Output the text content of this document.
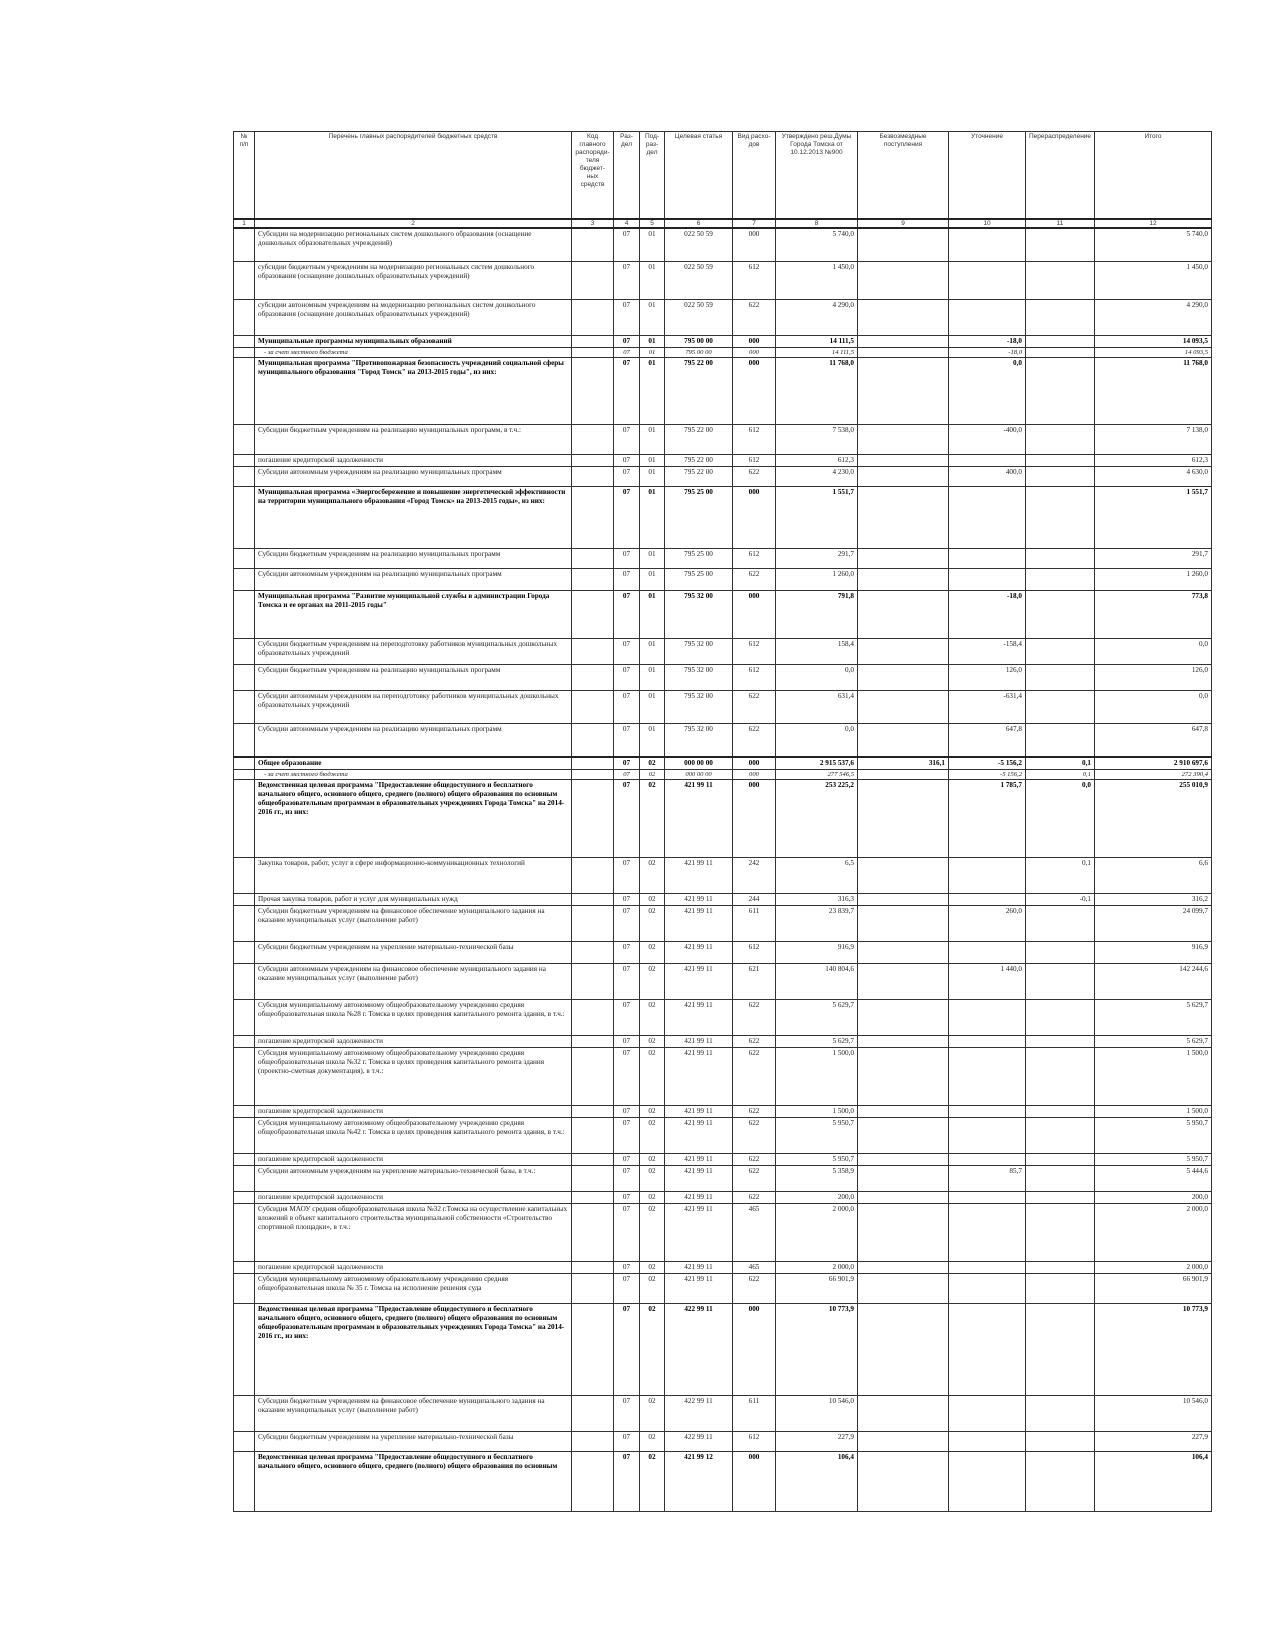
№ п/п	Перечень главных распорядителей бюджетных средств	Код главного распоряди-теля бюджет-ных средств	Раз-дел	Под-раз-дел	Целевая статья	Вид расхо-дов	Утверждено реш.Думы Города Томска от 10.12.2013 №900	Безвозмездные поступления	Уточнение	Перераспределение	Итого
1	2	3	4	5	6	7	8	9	10	11	12
	Субсидии на модернизацию региональных систем дошкольного образования (оснащение дошкольных образовательных учреждений)		07	01	022 50 59	000	5 740,0				5 740,0
	субсидии бюджетным учреждениям на модернизацию региональных систем дошкольного образования (оснащение дошкольных образовательных учреждений)		07	01	022 50 59	612	1 450,0				1 450,0
	субсидии автономным учреждениям на модернизацию региональных систем дошкольного образования (оснащение дошкольных образовательных учреждений)		07	01	022 50 59	622	4 290,0				4 290,0
	Муниципальные программы муниципальных образований		07	01	795 00 00	000	14 111,5		-18,0		14 093,5
	- за счет местного бюджета		07	01	795 00 00	000	14 111,5		-18,0		14 093,5
	Муниципальная программа "Противопожарная безопасность учреждений социальной сферы муниципального образования "Город Томск" на 2013-2015 годы", из них:		07	01	795 22 00	000	11 768,0		0,0		11 768,0
	Субсидии бюджетным учреждениям на реализацию муниципальных программ, в т.ч.:		07	01	795 22 00	612	7 538,0		-400,0		7 138,0
	погашение кредиторской задолженности		07	01	795 22 00	612	612,3				612,3
	Субсидии автономным учреждениям на реализацию муниципальных программ		07	01	795 22 00	622	4 230,0		400,0		4 630,0
	Муниципальная программа «Энергосбережение и повышение энергетической эффективности на территории муниципального образования «Город Томск» на 2013-2015 годы», из них:		07	01	795 25 00	000	1 551,7				1 551,7
	Субсидии бюджетным учреждениям на реализацию муниципальных программ		07	01	795 25 00	612	291,7				291,7
	Субсидии автономным учреждениям на реализацию муниципальных программ		07	01	795 25 00	622	1 260,0				1 260,0
	Муниципальная программа "Развитие муниципальной службы в администрации Города Томска и ее органах на 2011-2015 годы"		07	01	795 32 00	000	791,8		-18,0		773,8
	Субсидии бюджетным учреждениям на переподготовку работников муниципальных дошкольных образовательных учреждений		07	01	795 32 00	612	158,4		-158,4		0,0
	Субсидии бюджетным учреждениям на реализацию муниципальных программ		07	01	795 32 00	612	0,0		126,0		126,0
	Субсидии автономным учреждениям на переподготовку работников муниципальных дошкольных образовательных учреждений		07	01	795 32 00	622	631,4		-631,4		0,0
	Субсидии автономным учреждениям на реализацию муниципальных программ		07	01	795 32 00	622	0,0		647,8		647,8
	Общее образование		07	02	000 00 00	000	2 915 537,6	316,1	-5 156,2	0,1	2 910 697,6
	- за счет местного бюджета		07	02	000 00 00	000	277 546,5		-5 156,2	0,1	272 390,4
	Ведомственная целевая программа "Предоставление общедоступного и бесплатного начального общего, основного общего, среднего (полного) общего образования по основным общеобразовательным программам в образовательных учреждениях Города Томска" на 2014-2016 гг., из них:		07	02	421 99 11	000	253 225,2		1 785,7	0,0	255 010,9
	Закупка товаров, работ, услуг в сфере информационно-коммуникационных технологий		07	02	421 99 11	242	6,5			0,1	6,6
	Прочая закупка товаров, работ и услуг для муниципальных нужд		07	02	421 99 11	244	316,3			-0,1	316,2
	Субсидии бюджетным учреждениям на финансовое обеспечение муниципального задания на оказание муниципальных услуг (выполнение работ)		07	02	421 99 11	611	23 839,7		260,0		24 099,7
	Субсидии бюджетным учреждениям на укрепление материально-технической базы		07	02	421 99 11	612	916,9				916,9
	Субсидии автономным учреждениям на финансовое обеспечение муниципального задания на оказание муниципальных услуг (выполнение работ)		07	02	421 99 11	621	140 804,6		1 440,0		142 244,6
	Субсидия муниципальному автономному общеобразовательному учреждению средняя общеобразовательная школа №28 г. Томска в целях проведения капитального ремонта здания, в т.ч.:		07	02	421 99 11	622	5 629,7				5 629,7
	погашение кредиторской задолженности		07	02	421 99 11	622	5 629,7				5 629,7
	Субсидия муниципальному автономному общеобразовательному учреждению средняя общеобразовательная школа №32 г. Томска в целях проведения капитального ремонта здания (проектно-сметная документация), в т.ч.:		07	02	421 99 11	622	1 500,0				1 500,0
	погашение кредиторской задолженности		07	02	421 99 11	622	1 500,0				1 500,0
	Субсидия муниципальному автономному общеобразовательному учреждению средняя общеобразовательная школа №42 г. Томска в целях проведения капитального ремонта здания, в т.ч.:		07	02	421 99 11	622	5 950,7				5 950,7
	погашение кредиторской задолженности		07	02	421 99 11	622	5 950,7				5 950,7
	Субсидии автономным учреждениям на укрепление материально-технической базы, в т.ч.:		07	02	421 99 11	622	5 358,9		85,7		5 444,6
	погашение кредиторской задолженности		07	02	421 99 11	622	200,0				200,0
	Субсидия МАОУ средняя общеобразовательная школа №32 г.Томска на осуществление капитальных вложений в объект капитального строительства муниципальной собственности «Строительство спортивной площадки», в т.ч.:		07	02	421 99 11	465	2 000,0				2 000,0
	погашение кредиторской задолженности		07	02	421 99 11	465	2 000,0				2 000,0
	Субсидия муниципальному автономному образовательному учреждению средняя общеобразовательная школа № 35 г. Томска на исполнение решения суда		07	02	421 99 11	622	66 901,9				66 901,9
	Ведомственная целевая программа "Предоставление общедоступного и бесплатного начального общего, основного общего, среднего (полного) общего образования по основным общеобразовательным программам в образовательных учреждениях Города Томска" на 2014-2016 гг., из них:		07	02	422 99 11	000	10 773,9				10 773,9
	Субсидии бюджетным учреждениям на финансовое обеспечение муниципального задания на оказание муниципальных услуг (выполнение работ)		07	02	422 99 11	611	10 546,0				10 546,0
	Субсидии бюджетным учреждениям на укрепление материально-технической базы		07	02	422 99 11	612	227,9				227,9
	Ведомственная целевая программа "Предоставление общедоступного и бесплатного начального общего, основного общего, среднего (полного) общего образования по основным		07	02	421 99 12	000	106,4				106,4
